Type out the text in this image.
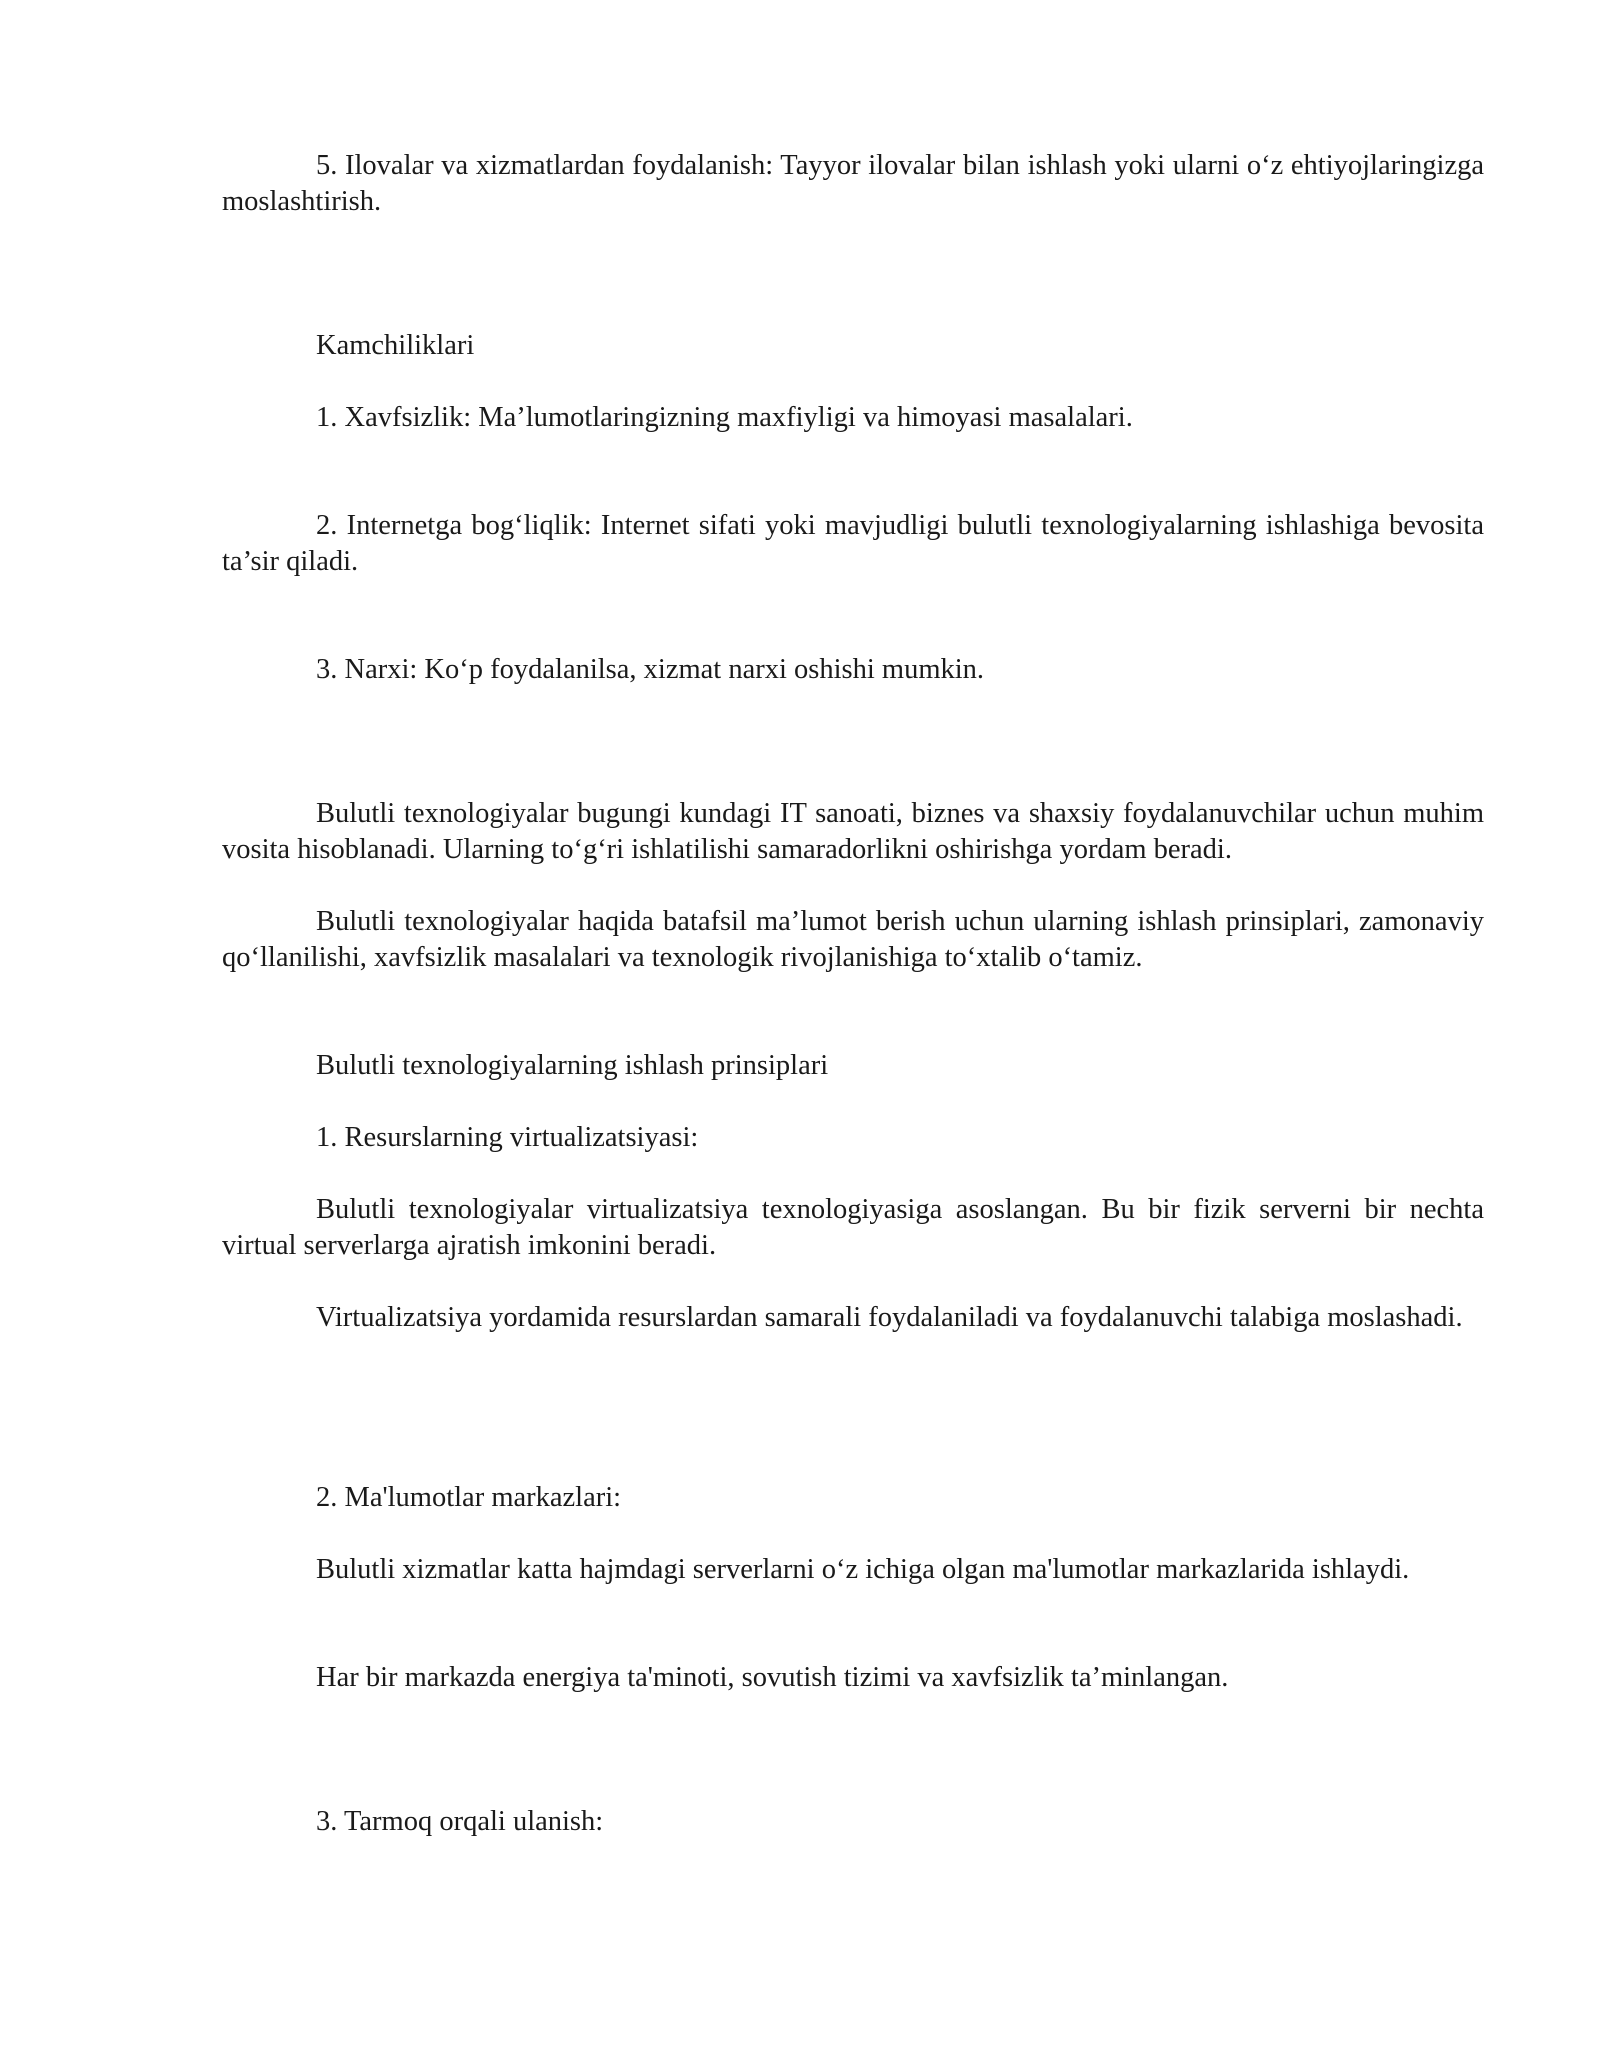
5. Ilovalar va xizmatlardan foydalanish: Tayyor ilovalar bilan ishlash yoki ularni o‘z ehtiyojlaringizga moslashtirish.

Kamchiliklari

1. Xavfsizlik: Ma’lumotlaringizning maxfiyligi va himoyasi masalalari.

2. Internetga bog‘liqlik: Internet sifati yoki mavjudligi bulutli texnologiyalarning ishlashiga bevosita ta’sir qiladi.

3. Narxi: Ko‘p foydalanilsa, xizmat narxi oshishi mumkin.

Bulutli texnologiyalar bugungi kundagi IT sanoati, biznes va shaxsiy foydalanuvchilar uchun muhim vosita hisoblanadi. Ularning to‘g‘ri ishlatilishi samaradorlikni oshirishga yordam beradi.

Bulutli texnologiyalar haqida batafsil ma’lumot berish uchun ularning ishlash prinsiplari, zamonaviy qo‘llanilishi, xavfsizlik masalalari va texnologik rivojlanishiga to‘xtalib o‘tamiz.

Bulutli texnologiyalarning ishlash prinsiplari

1. Resurslarning virtualizatsiyasi:

Bulutli texnologiyalar virtualizatsiya texnologiyasiga asoslangan. Bu bir fizik serverni bir nechta virtual serverlarga ajratish imkonini beradi.

Virtualizatsiya yordamida resurslardan samarali foydalaniladi va foydalanuvchi talabiga moslashadi.

2. Ma'lumotlar markazlari:

Bulutli xizmatlar katta hajmdagi serverlarni o‘z ichiga olgan ma'lumotlar markazlarida ishlaydi.

Har bir markazda energiya ta'minoti, sovutish tizimi va xavfsizlik ta’minlangan.

3. Tarmoq orqali ulanish:
